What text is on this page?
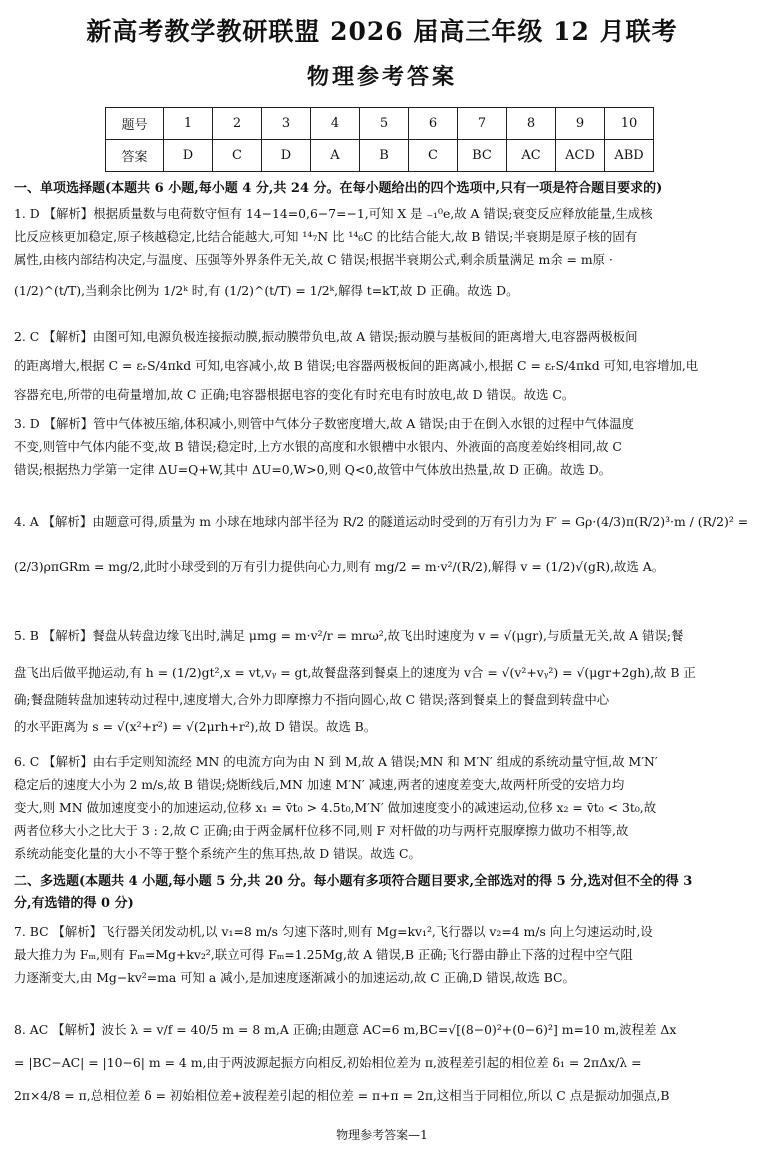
新高考教学教研联盟 2026 届高三年级 12 月联考
物理参考答案
题号	1	2	3	4	5	6	7	8	9	10
答案	D	C	D	A	B	C	BC	AC	ACD	ABD
一、单项选择题(本题共 6 小题,每小题 4 分,共 24 分。在每小题给出的四个选项中,只有一项是符合题目要求的)
1. D 【解析】根据质量数与电荷数守恒有 14−14=0,6−7=−1,可知 X 是 ₋₁⁰e,故 A 错误;衰变反应释放能量,生成核
比反应核更加稳定,原子核越稳定,比结合能越大,可知 ¹⁴₇N 比 ¹⁴₆C 的比结合能大,故 B 错误;半衰期是原子核的固有
属性,由核内部结构决定,与温度、压强等外界条件无关,故 C 错误;根据半衰期公式,剩余质量满足 m余 = m原 ·
(1/2)^(t/T),当剩余比例为 1/2ᵏ 时,有 (1/2)^(t/T) = 1/2ᵏ,解得 t=kT,故 D 正确。故选 D。
2. C 【解析】由图可知,电源负极连接振动膜,振动膜带负电,故 A 错误;振动膜与基板间的距离增大,电容器两极板间
的距离增大,根据 C = εᵣS/4πkd 可知,电容减小,故 B 错误;电容器两极板间的距离减小,根据 C = εᵣS/4πkd 可知,电容增加,电
容器充电,所带的电荷量增加,故 C 正确;电容器根据电容的变化有时充电有时放电,故 D 错误。故选 C。
3. D 【解析】管中气体被压缩,体积减小,则管中气体分子数密度增大,故 A 错误;由于在倒入水银的过程中气体温度
不变,则管中气体内能不变,故 B 错误;稳定时,上方水银的高度和水银槽中水银内、外液面的高度差始终相同,故 C
错误;根据热力学第一定律 ΔU=Q+W,其中 ΔU=0,W>0,则 Q<0,故管中气体放出热量,故 D 正确。故选 D。
4. A 【解析】由题意可得,质量为 m 小球在地球内部半径为 R/2 的隧道运动时受到的万有引力为 F′ = Gρ·(4/3)π(R/2)³·m / (R/2)² =
(2/3)ρπGRm = mg/2,此时小球受到的万有引力提供向心力,则有 mg/2 = m·v²/(R/2),解得 v = (1/2)√(gR),故选 A。
5. B 【解析】餐盘从转盘边缘飞出时,满足 μmg = m·v²/r = mrω²,故飞出时速度为 v = √(μgr),与质量无关,故 A 错误;餐
盘飞出后做平抛运动,有 h = (1/2)gt²,x = vt,vᵧ = gt,故餐盘落到餐桌上的速度为 v合 = √(v²+vᵧ²) = √(μgr+2gh),故 B 正
确;餐盘随转盘加速转动过程中,速度增大,合外力即摩擦力不指向圆心,故 C 错误;落到餐桌上的餐盘到转盘中心
的水平距离为 s = √(x²+r²) = √(2μrh+r²),故 D 错误。故选 B。
6. C 【解析】由右手定则知流经 MN 的电流方向为由 N 到 M,故 A 错误;MN 和 M′N′ 组成的系统动量守恒,故 M′N′
稳定后的速度大小为 2 m/s,故 B 错误;烧断线后,MN 加速 M′N′ 减速,两者的速度差变大,故两杆所受的安培力均
变大,则 MN 做加速度变小的加速运动,位移 x₁ = v̄t₀ > 4.5t₀,M′N′ 做加速度变小的减速运动,位移 x₂ = v̄t₀ < 3t₀,故
两者位移大小之比大于 3 : 2,故 C 正确;由于两金属杆位移不同,则 F 对杆做的功与两杆克服摩擦力做功不相等,故
系统动能变化量的大小不等于整个系统产生的焦耳热,故 D 错误。故选 C。
二、多选题(本题共 4 小题,每小题 5 分,共 20 分。每小题有多项符合题目要求,全部选对的得 5 分,选对但不全的得 3
分,有选错的得 0 分)
7. BC 【解析】飞行器关闭发动机,以 v₁=8 m/s 匀速下落时,则有 Mg=kv₁²,飞行器以 v₂=4 m/s 向上匀速运动时,设
最大推力为 Fₘ,则有 Fₘ=Mg+kv₂²,联立可得 Fₘ=1.25Mg,故 A 错误,B 正确;飞行器由静止下落的过程中空气阻
力逐渐变大,由 Mg−kv²=ma 可知 a 减小,是加速度逐渐减小的加速运动,故 C 正确,D 错误,故选 BC。
8. AC 【解析】波长 λ = v/f = 40/5 m = 8 m,A 正确;由题意 AC=6 m,BC=√[(8−0)²+(0−6)²] m=10 m,波程差 Δx
= |BC−AC| = |10−6| m = 4 m,由于两波源起振方向相反,初始相位差为 π,波程差引起的相位差 δ₁ = 2πΔx/λ =
2π×4/8 = π,总相位差 δ = 初始相位差+波程差引起的相位差 = π+π = 2π,这相当于同相位,所以 C 点是振动加强点,B
物理参考答案—1
